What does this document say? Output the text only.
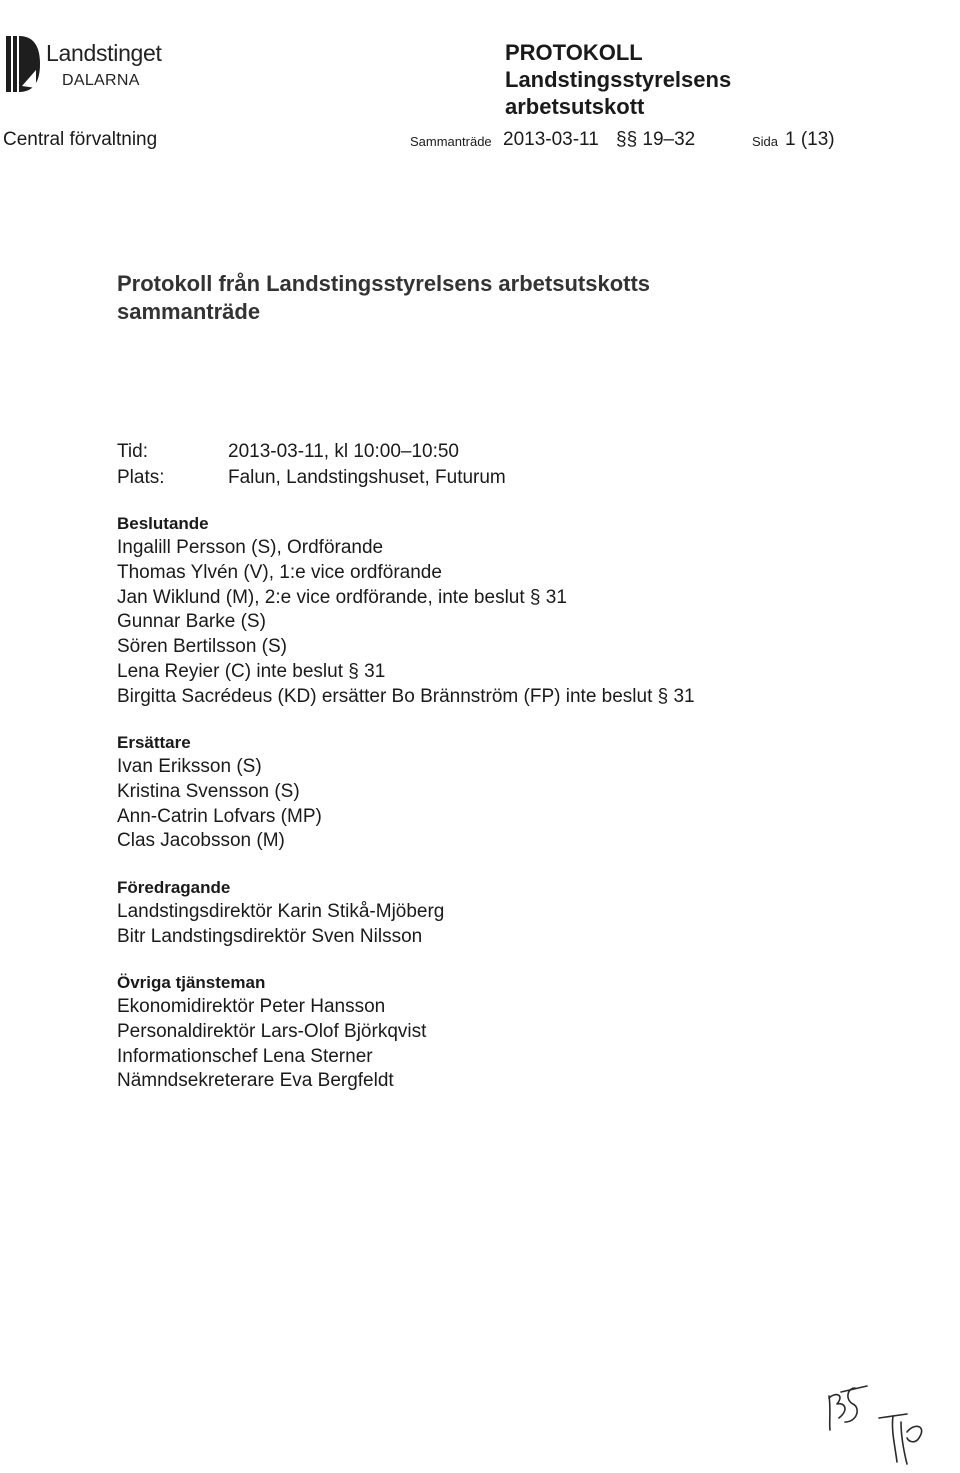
Landstinget
DALARNA
PROTOKOLL
Landstingsstyrelsens
arbetsutskott
Central förvaltning	Sammanträde 2013-03-11 §§ 19–32	Sida 1 (13)
Protokoll från Landstingsstyrelsens arbetsutskotts
sammanträde
Tid:	2013-03-11, kl 10:00–10:50
Plats:	Falun, Landstingshuset, Futurum

Beslutande

Ingalill Persson (S), Ordförande
Thomas Ylvén (V), 1:e vice ordförande
Jan Wiklund (M), 2:e vice ordförande, inte beslut § 31
Gunnar Barke (S)
Sören Bertilsson (S)
Lena Reyier (C) inte beslut § 31
Birgitta Sacrédeus (KD) ersätter Bo Brännström (FP) inte beslut § 31

Ersättare

Ivan Eriksson (S)
Kristina Svensson (S)
Ann-Catrin Lofvars (MP)
Clas Jacobsson (M)

Föredragande

Landstingsdirektör Karin Stikå-Mjöberg
Bitr Landstingsdirektör Sven Nilsson

Övriga tjänsteman

Ekonomidirektör Peter Hansson
Personaldirektör Lars-Olof Björkqvist
Informationschef Lena Sterner
Nämndsekreterare Eva Bergfeldt
